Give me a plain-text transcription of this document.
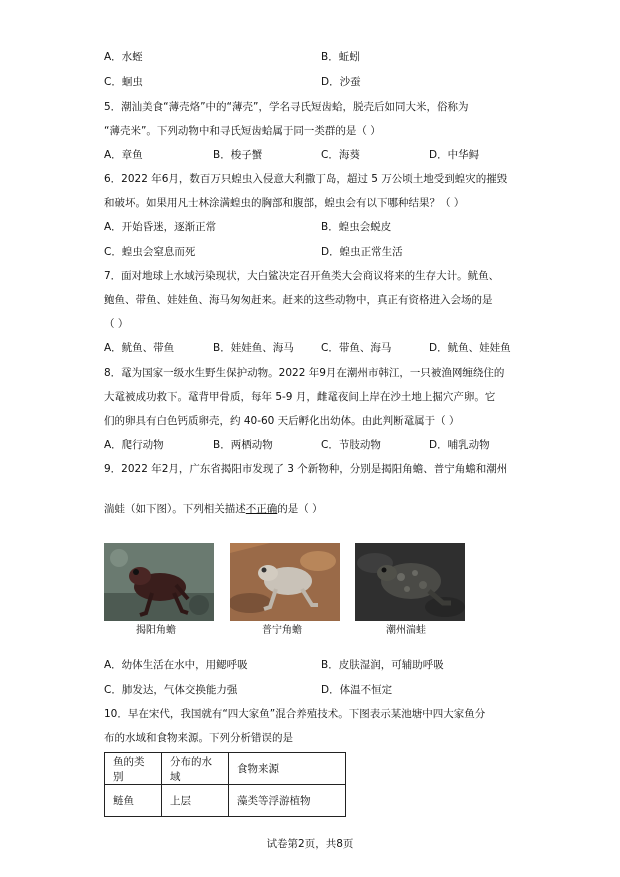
A．水蛭	B．蚯蚓
C．蛔虫	D．沙蚕
5．潮汕美食“薄壳烙”中的“薄壳”，学名寻氏短齿蛤，脱壳后如同大米，俗称为
“薄壳米”。下列动物中和寻氏短齿蛤属于同一类群的是（ ）
A．章鱼	B．梭子蟹	C．海葵	D．中华鲟
6．2022 年6月，数百万只蝗虫入侵意大利撒丁岛，超过 5 万公顷土地受到蝗灾的摧毁
和破坏。如果用凡士林涂满蝗虫的胸部和腹部，蝗虫会有以下哪种结果？（ ）
A．开始昏迷，逐渐正常	B．蝗虫会蜕皮
C．蝗虫会窒息而死	D．蝗虫正常生活
7．面对地球上水域污染现状，大白鲨决定召开鱼类大会商议将来的生存大计。鱿鱼、
鲍鱼、带鱼、娃娃鱼、海马匆匆赶来。赶来的这些动物中，真正有资格进入会场的是
（ ）
A．鱿鱼、带鱼	B．娃娃鱼、海马	C．带鱼、海马	D．鱿鱼、娃娃鱼
8．鼋为国家一级水生野生保护动物。2022 年9月在潮州市韩江，一只被渔网缠绕住的
大鼋被成功救下。鼋背甲骨质，每年 5-9 月，雌鼋夜间上岸在沙土地上掘穴产卵。它
们的卵具有白色钙质卵壳，约 40-60 天后孵化出幼体。由此判断鼋属于（ ）
A．爬行动物	B．两栖动物	C．节肢动物	D．哺乳动物
9．2022 年2月，广东省揭阳市发现了 3 个新物种，分别是揭阳角蟾、普宁角蟾和潮州
湍蛙（如下图）。下列相关描述不正确的是（ ）
揭阳角蟾	普宁角蟾	潮州湍蛙
A．幼体生活在水中，用鳃呼吸	B．皮肤湿润，可辅助呼吸
C．肺发达，气体交换能力强	D．体温不恒定
10．早在宋代，我国就有“四大家鱼”混合养殖技术。下图表示某池塘中四大家鱼分
布的水域和食物来源。下列分析错误的是
鱼的类别	分布的水域	食物来源
鲢鱼	上层	藻类等浮游植物
试卷第2页，共8页
